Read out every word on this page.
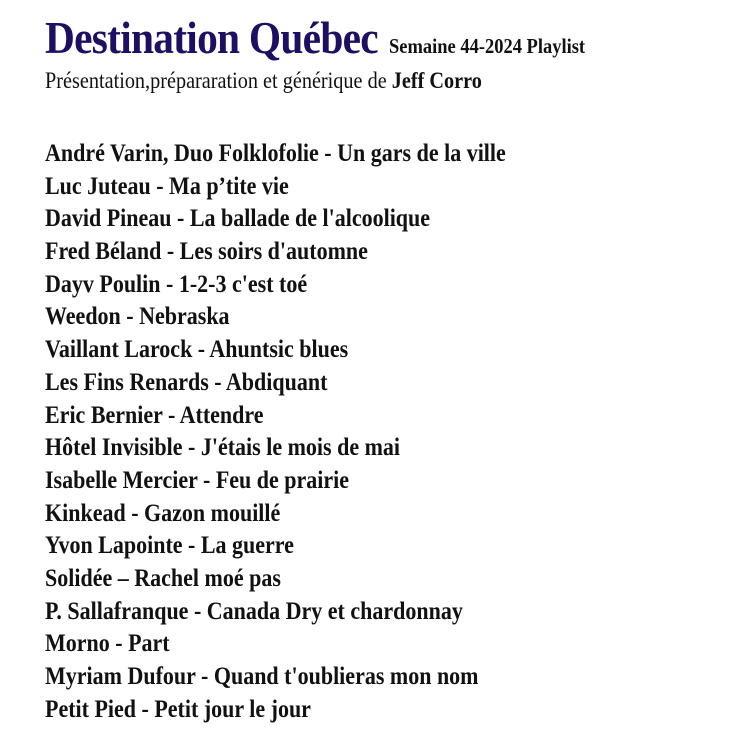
Destination Québec Semaine 44-2024 Playlist
Présentation,prépararation et générique de Jeff Corro
André Varin, Duo Folklofolie - Un gars de la ville
Luc Juteau - Ma p’tite vie
David Pineau - La ballade de l'alcoolique
Fred Béland - Les soirs d'automne
Dayv Poulin - 1-2-3 c'est toé
Weedon - Nebraska
Vaillant Larock - Ahuntsic blues
Les Fins Renards - Abdiquant
Eric Bernier - Attendre
Hôtel Invisible - J'étais le mois de mai
Isabelle Mercier - Feu de prairie
Kinkead - Gazon mouillé
Yvon Lapointe - La guerre
Solidée – Rachel moé pas
P. Sallafranque - Canada Dry et chardonnay
Morno - Part
Myriam Dufour - Quand t'oublieras mon nom
Petit Pied - Petit jour le jour
